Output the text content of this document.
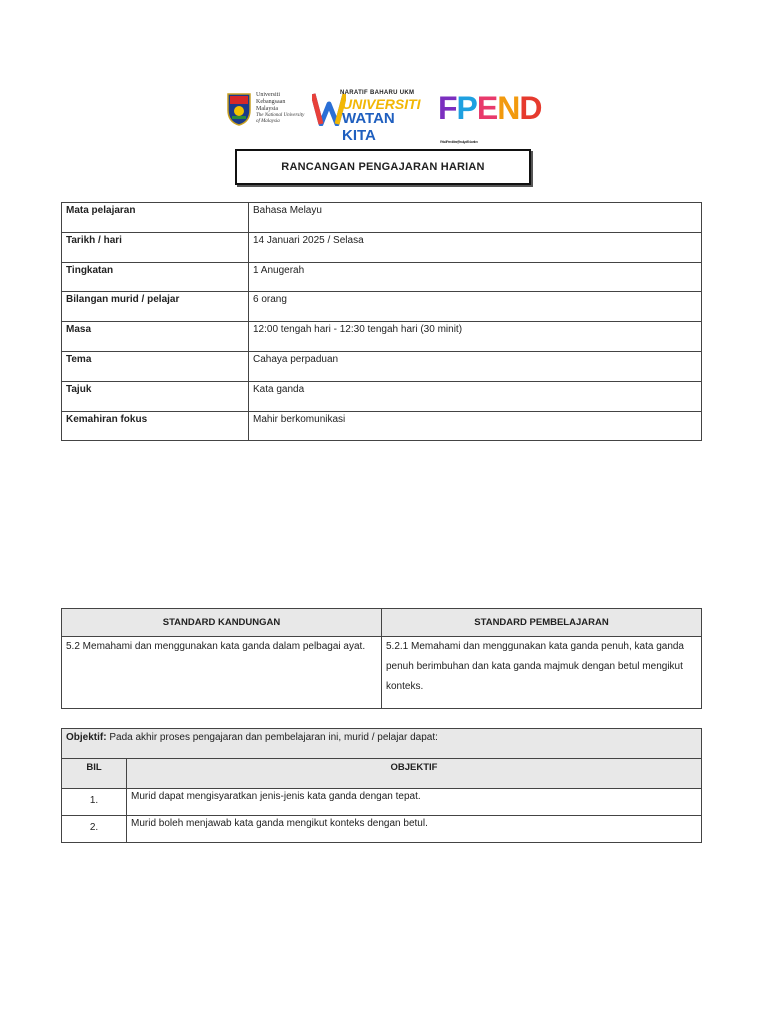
Universiti
Kebangsaan
Malaysia
The National University
of Malaysia
NARATIF BAHARU UKM
UNIVERSITI
WATAN KITA
FPEND
Fakulti Pendidikan | Faculty of Education
RANCANGAN PENGAJARAN HARIAN
Mata pelajaran	Bahasa Melayu
Tarikh / hari	14 Januari 2025 / Selasa
Tingkatan	1 Anugerah
Bilangan murid / pelajar	6 orang
Masa	12:00 tengah hari - 12:30 tengah hari (30 minit)
Tema	Cahaya perpaduan
Tajuk	Kata ganda
Kemahiran fokus	Mahir berkomunikasi
STANDARD KANDUNGAN	STANDARD PEMBELAJARAN
5.2 Memahami dan menggunakan kata ganda dalam pelbagai ayat.	5.2.1 Memahami dan menggunakan kata ganda penuh, kata ganda penuh berimbuhan dan kata ganda majmuk dengan betul mengikut konteks.
Objektif: Pada akhir proses pengajaran dan pembelajaran ini, murid / pelajar dapat:	
BIL	OBJEKTIF
1.	Murid dapat mengisyaratkan jenis-jenis kata ganda dengan tepat.
2.	Murid boleh menjawab kata ganda mengikut konteks dengan betul.
